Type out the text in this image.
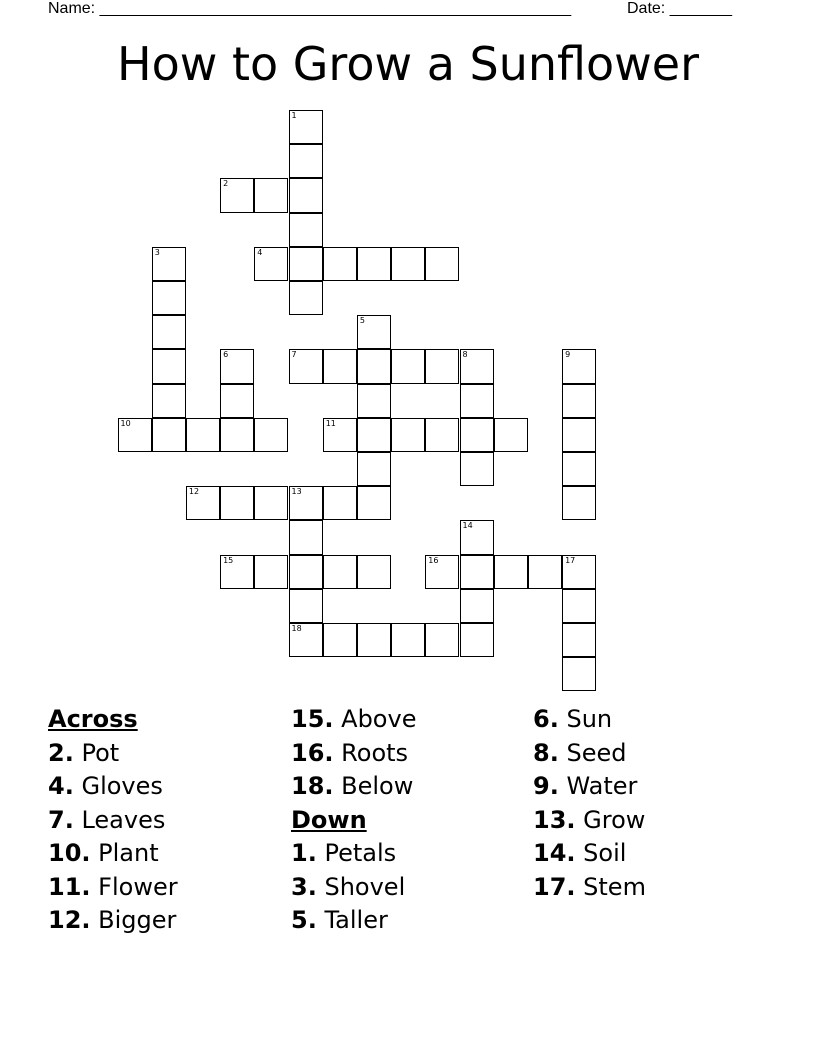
Name: _____________________________________________________	Date: _______
How to Grow a Sunflower
1
2
3	4
5
6	7	8	9
10	11
12	13
14
15	16	17
18
Across
2. Pot
4. Gloves
7. Leaves
10. Plant
11. Flower
12. Bigger
15. Above
16. Roots
18. Below
Down
1. Petals
3. Shovel
5. Taller
6. Sun
8. Seed
9. Water
13. Grow
14. Soil
17. Stem
